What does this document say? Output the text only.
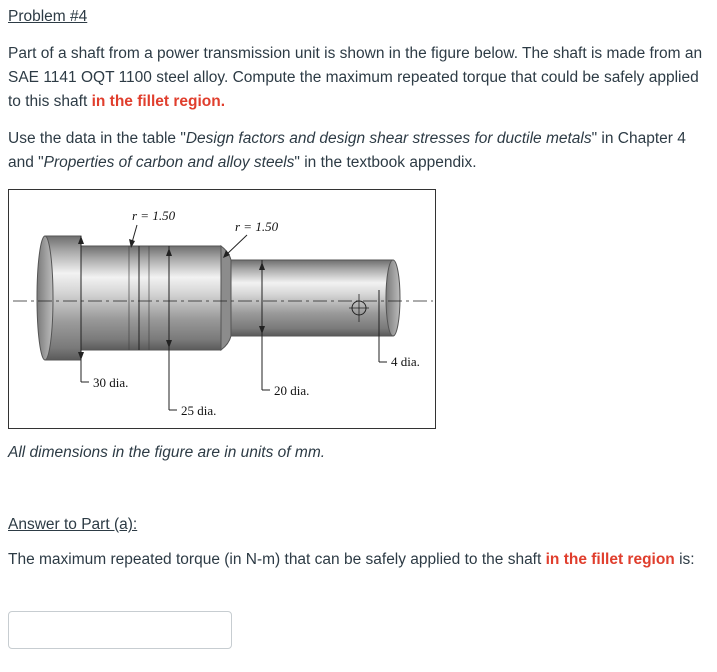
Problem #4
Part of a shaft from a power transmission unit is shown in the figure below. The shaft is made from an SAE 1141 OQT 1100 steel alloy. Compute the maximum repeated torque that could be safely applied to this shaft in the fillet region.
Use the data in the table "Design factors and design shear stresses for ductile metals" in Chapter 4 and "Properties of carbon and alloy steels" in the textbook appendix.
r = 1.50
r = 1.50
30 dia.
25 dia.
20 dia.
4 dia.
All dimensions in the figure are in units of mm.
Answer to Part (a):
The maximum repeated torque (in N-m) that can be safely applied to the shaft in the fillet region is:
